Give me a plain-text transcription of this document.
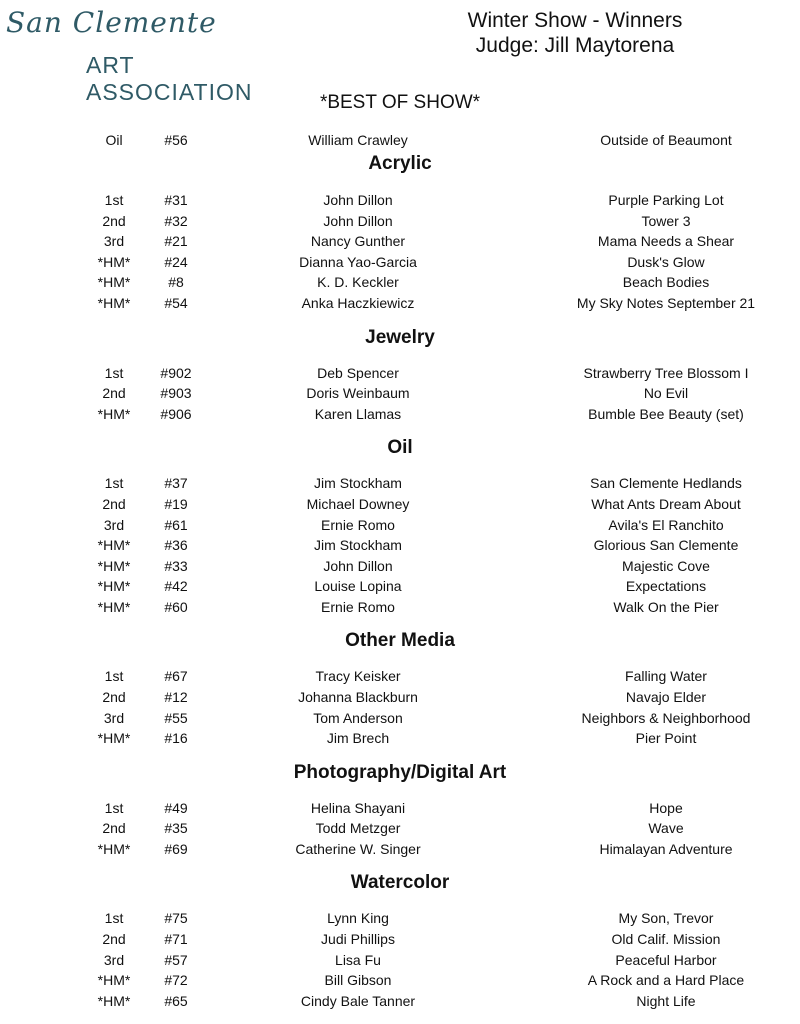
San Clemente
ART ASSOCIATION
Winter Show - Winners
Judge: Jill Maytorena
*BEST OF SHOW*
Oil	#56	William Crawley	Outside of Beaumont
Acrylic
1st	#31	John Dillon	Purple Parking Lot
2nd	#32	John Dillon	Tower 3
3rd	#21	Nancy Gunther	Mama Needs a Shear
*HM*	#24	Dianna Yao-Garcia	Dusk's Glow
*HM*	#8	K. D. Keckler	Beach Bodies
*HM*	#54	Anka Haczkiewicz	My Sky Notes September 21
Jewelry
1st	#902	Deb Spencer	Strawberry Tree Blossom I
2nd	#903	Doris Weinbaum	No Evil
*HM*	#906	Karen Llamas	Bumble Bee Beauty (set)
Oil
1st	#37	Jim Stockham	San Clemente Hedlands
2nd	#19	Michael Downey	What Ants Dream About
3rd	#61	Ernie Romo	Avila's El Ranchito
*HM*	#36	Jim Stockham	Glorious San Clemente
*HM*	#33	John Dillon	Majestic Cove
*HM*	#42	Louise Lopina	Expectations
*HM*	#60	Ernie Romo	Walk On the Pier
Other Media
1st	#67	Tracy Keisker	Falling Water
2nd	#12	Johanna Blackburn	Navajo Elder
3rd	#55	Tom Anderson	Neighbors & Neighborhood
*HM*	#16	Jim Brech	Pier Point
Photography/Digital Art
1st	#49	Helina Shayani	Hope
2nd	#35	Todd Metzger	Wave
*HM*	#69	Catherine W. Singer	Himalayan Adventure
Watercolor
1st	#75	Lynn King	My Son, Trevor
2nd	#71	Judi Phillips	Old Calif. Mission
3rd	#57	Lisa Fu	Peaceful Harbor
*HM*	#72	Bill Gibson	A Rock and a Hard Place
*HM*	#65	Cindy Bale Tanner	Night Life
